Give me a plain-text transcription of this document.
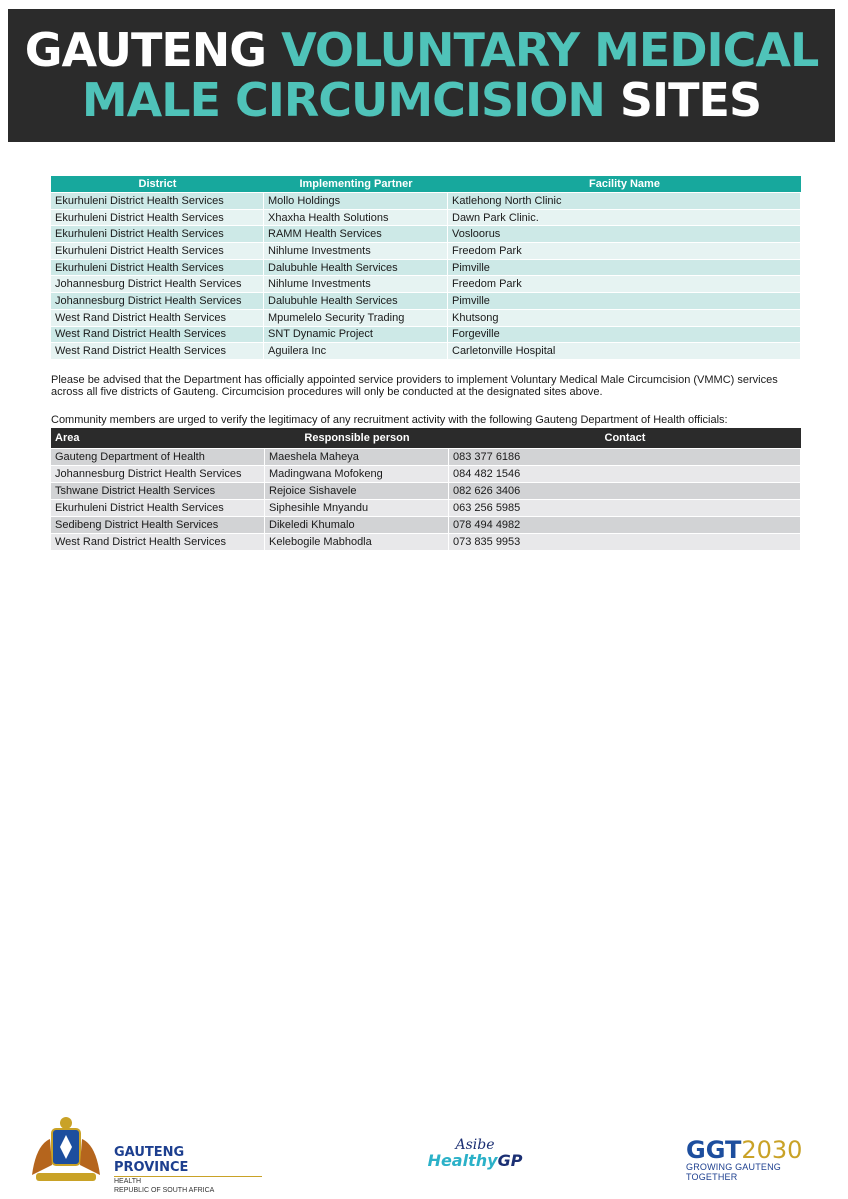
GAUTENG VOLUNTARY MEDICAL
MALE CIRCUMCISION SITES
District	Implementing Partner	Facility Name
Ekurhuleni District Health Services	Mollo Holdings	Katlehong North Clinic
Ekurhuleni District Health Services	Xhaxha Health Solutions	Dawn Park Clinic.
Ekurhuleni District Health Services	RAMM Health Services	Vosloorus
Ekurhuleni District Health Services	Nihlume Investments	Freedom Park
Ekurhuleni District Health Services	Dalubuhle Health Services	Pimville
Johannesburg District Health Services	Nihlume Investments	Freedom Park
Johannesburg District Health Services	Dalubuhle Health Services	Pimville
West Rand District Health Services	Mpumelelo Security Trading	Khutsong
West Rand District Health Services	SNT Dynamic Project	Forgeville
West Rand District Health Services	Aguilera Inc	Carletonville Hospital
Please be advised that the Department has officially appointed service providers to implement Voluntary Medical Male Circumcision (VMMC) services across all five districts of Gauteng. Circumcision procedures will only be conducted at the designated sites above.
Community members are urged to verify the legitimacy of any recruitment activity with the following Gauteng Department of Health officials:
Area	Responsible person	Contact
Gauteng Department of Health	Maeshela Maheya	083 377 6186
Johannesburg District Health Services	Madingwana Mofokeng	084 482 1546
Tshwane District Health Services	Rejoice Sishavele	082 626 3406
Ekurhuleni District Health Services	Siphesihle Mnyandu	063 256 5985
Sedibeng District Health Services	Dikeledi Khumalo	078 494 4982
West Rand District Health Services	Kelebogile Mabhodla	073 835 9953
GAUTENG PROVINCE
HEALTH
REPUBLIC OF SOUTH AFRICA
Asibe
HealthyGP	GGT2030
GROWING GAUTENG TOGETHER
